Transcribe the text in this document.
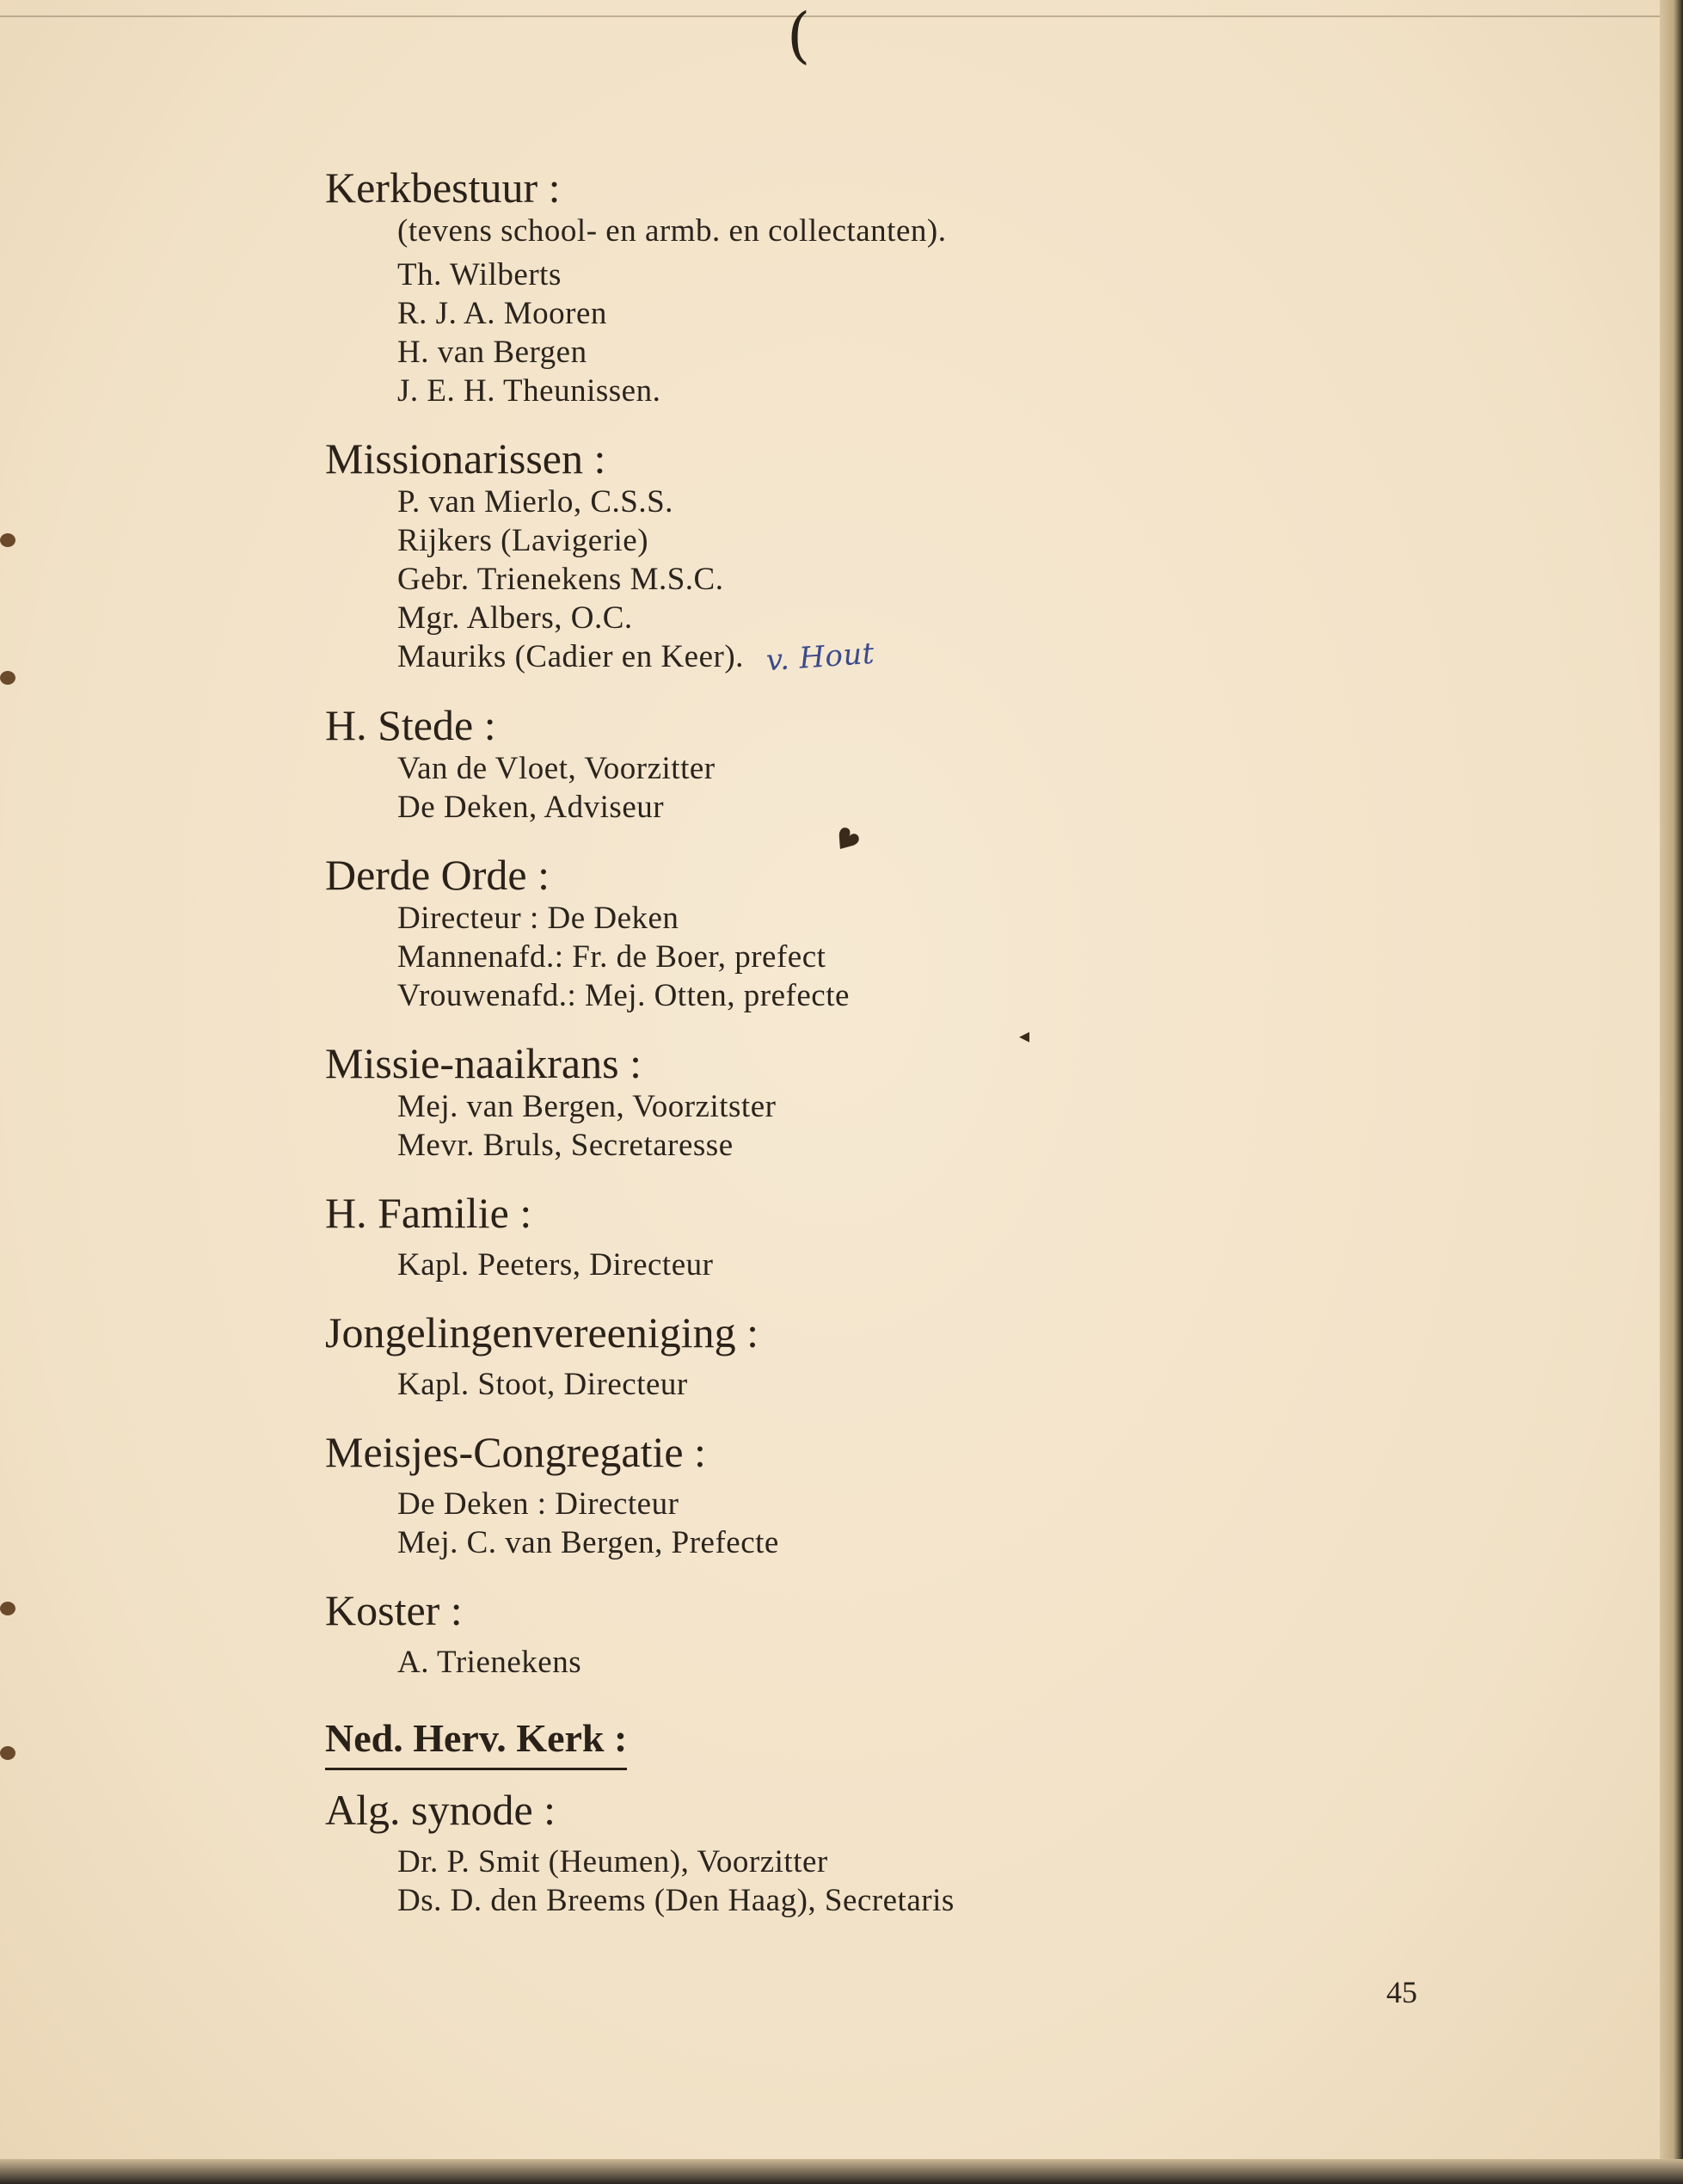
(
♥
◂
Kerkbestuur :
(tevens school- en armb. en collectanten).
Th. Wilberts
R. J. A. Mooren
H. van Bergen
J. E. H. Theunissen.
Missionarissen :
P. van Mierlo, C.S.S.
Rijkers (Lavigerie)
Gebr. Trienekens M.S.C.
Mgr. Albers, O.C.
Mauriks (Cadier en Keer). v. Hout
H. Stede :
Van de Vloet, Voorzitter
De Deken, Adviseur
Derde Orde :
Directeur : De Deken
Mannenafd.: Fr. de Boer, prefect
Vrouwenafd.: Mej. Otten, prefecte
Missie-naaikrans :
Mej. van Bergen, Voorzitster
Mevr. Bruls, Secretaresse
H. Familie :
Kapl. Peeters, Directeur
Jongelingenvereeniging :
Kapl. Stoot, Directeur
Meisjes-Congregatie :
De Deken : Directeur
Mej. C. van Bergen, Prefecte
Koster :
A. Trienekens
Ned. Herv. Kerk :
Alg. synode :
Dr. P. Smit (Heumen), Voorzitter
Ds. D. den Breems (Den Haag), Secretaris
45
